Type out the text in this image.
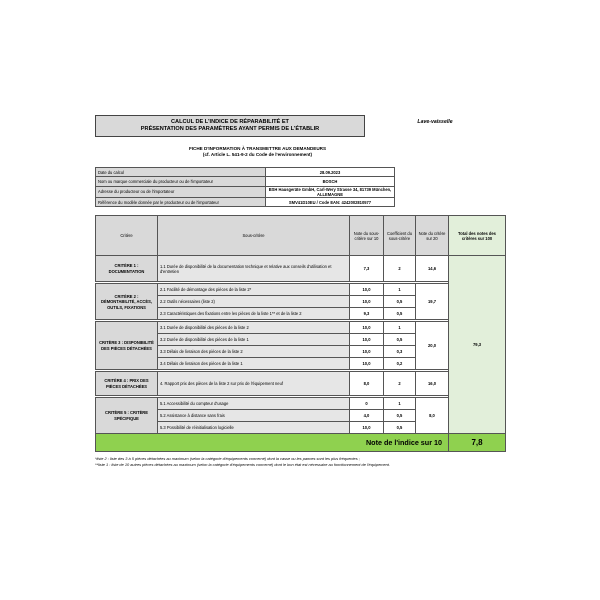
CALCUL DE L'INDICE DE RÉPARABILITÉ ET
PRÉSENTATION DES PARAMÈTRES AYANT PERMIS DE L'ÉTABLIR
Lave-vaisselle
FICHE D'INFORMATION À TRANSMETTRE AUX DEMANDEURS
(cf. Article L. 541-9-2 du Code de l'environnement)
Date du calcul	28.09.2023
Nom ou marque commerciale du producteur ou de l'importateur	BOSCH
Adresse du producteur ou de l'importateur	BSH Hausgeräte GmbH, Carl-Wery Strasse 34, 81739 München, ALLEMAGNE
Référence du modèle donnée par le producteur ou de l'importateur	SMV41D10EU / Code EAN: 4242002810577
Critère	Sous-critère	Note du sous-critère sur 10	Coefficient du sous-critère	Note du critère sur 20	Total des notes des critères sur 100
CRITÈRE 1 : DOCUMENTATION	1.1 Durée de disponibilité de la documentation technique et relative aux conseils d'utilisation et d'entretien	7,3	2	14,6	79,3

CRITÈRE 2 : DÉMONTABILITÉ, ACCÈS, OUTILS, FIXATIONS	2.1 Facilité de démontage des pièces de la liste 2*	10,0	1	19,7	
	2.2 Outils nécessaires (liste 2)	10,0	0,5		
	2.3 Caractéristiques des fixations entre les pièces de la liste 1** et de la liste 2	9,3	0,5		

CRITÈRE 3 : DISPONIBILITÉ DES PIÈCES DÉTACHÉES	3.1 Durée de disponibilité des pièces de la liste 2	10,0	1	20,0	
	3.2 Durée de disponibilité des pièces de la liste 1	10,0	0,5		
	3.3 Délais de livraison des pièces de la liste 2	10,0	0,3		
	3.4 Délais de livraison des pièces de la liste 1	10,0	0,2		

CRITÈRE 4 : PRIX DES PIÈCES DÉTACHÉES	4. Rapport prix des pièces de la liste 2 sur prix de l'équipement neuf	8,0	2	16,0	

CRITÈRE 5 : CRITÈRE SPÉCIFIQUE	5.1 Accessibilité du compteur d'usage	0	1	8,0	
	5.2 Assistance à distance sans frais	4,0	0,5		
	5.3 Possibilité de réinitialisation logicielle	10,0	0,5		
Note de l'indice sur 10					7,8
*liste 2 : liste des 3 à 5 pièces détachées au maximum (selon la catégorie d'équipements concerné) dont la casse ou les pannes sont les plus fréquentes ;
**liste 1 : liste de 10 autres pièces détachées au maximum (selon la catégorie d'équipements concerné) dont le bon état est nécessaire au fonctionnement de l'équipement.
